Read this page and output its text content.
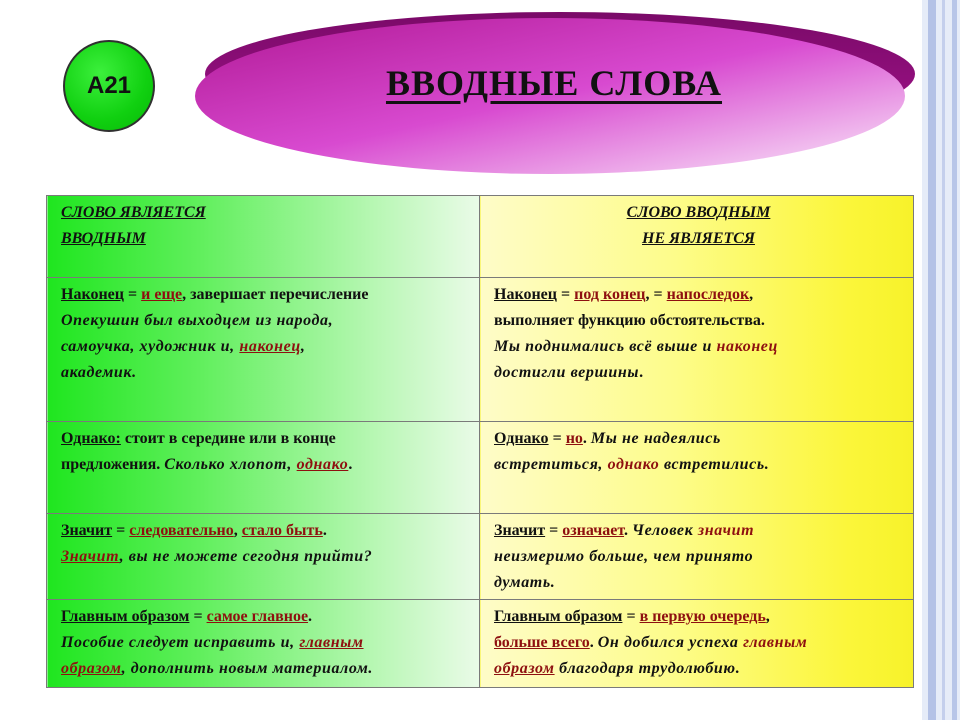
A21	ВВОДНЫЕ СЛОВА
СЛОВО ЯВЛЯЕТСЯ
ВВОДНЫМ	СЛОВО ВВОДНЫМ
НЕ ЯВЛЯЕТСЯ
Наконец = и еще, завершает перечисление
Опекушин был выходцем из народа,
самоучка, художник и, наконец,
академик.	Наконец = под конец, = напоследок,
выполняет функцию обстоятельства.
Мы поднимались всё выше и наконец
достигли вершины.
Однако: стоит в середине или в конце
предложения. Сколько хлопот, однако.	Однако = но. Мы не надеялись
встретиться, однако встретились.
Значит = следовательно, стало быть.
Значит, вы не можете сегодня прийти?	Значит = означает. Человек значит
неизмеримо больше, чем принято
думать.
Главным образом = самое главное.
Пособие следует исправить и, главным
образом, дополнить новым материалом.	Главным образом = в первую очередь,
больше всего. Он добился успеха главным
образом благодаря трудолюбию.
